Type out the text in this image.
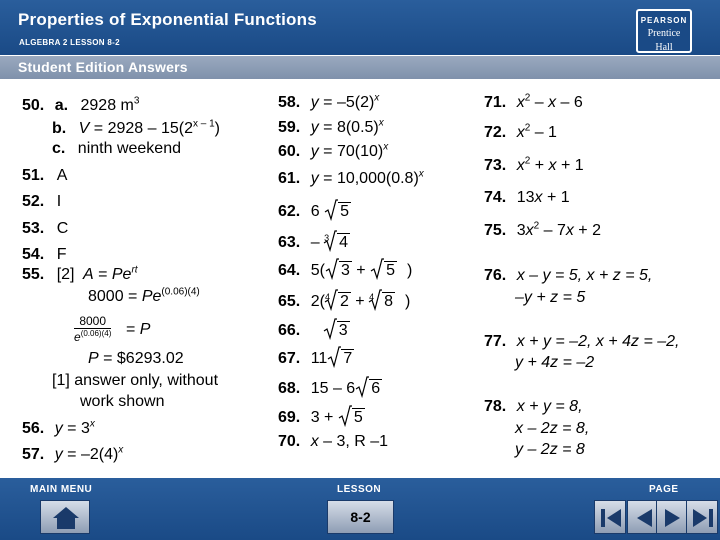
Properties of Exponential Functions
ALGEBRA 2 LESSON 8-2
PEARSON
Prentice
Hall
Student Edition Answers
50. a. 2928 $m^3$
b. V = 2928 – 15(2$^{x - 1}$)
c. ninth weekend
51. A
52. I
53. C
54. F
55. [2] $A = Pe^{rt}$
$8000 = Pe^{(0.06)(4)}$
$\frac{8000}{e^{(0.06)(4)}} = P$
P = $6293.02
[1] answer only, without
work shown
56. $y = 3^x$
57. $y = -2(4)^x$
58. $y = -5(2)^x$
59. $y = 8(0.5)^x$
60. $y = 70(10)^x$
61. $y = 10,000(0.8)^x$
62. 6 5
63. – $^3$ 4
64. 5( 3 + 5 )
65. 2($^4$ 2 + $^4$ 8 )
66. 3
67. 11 7
68. 15 – 6 6
69. 3 + 5
70. x – 3, R –1
71. $x^2$ – x – 6
72. $x^2 - 1$
73. $x^2 + x + 1$
74. 13x + 1
75. $3x^2 - 7x + 2$
76. x – y = 5, x + z = 5,
–y + z = 5
77. x + y = –2, x + 4z = –2,
y + 4z = –2
78. x + y = 8,
x – 2z = 8,
y – 2z = 8
MAIN MENU	LESSON	PAGE
8-2
